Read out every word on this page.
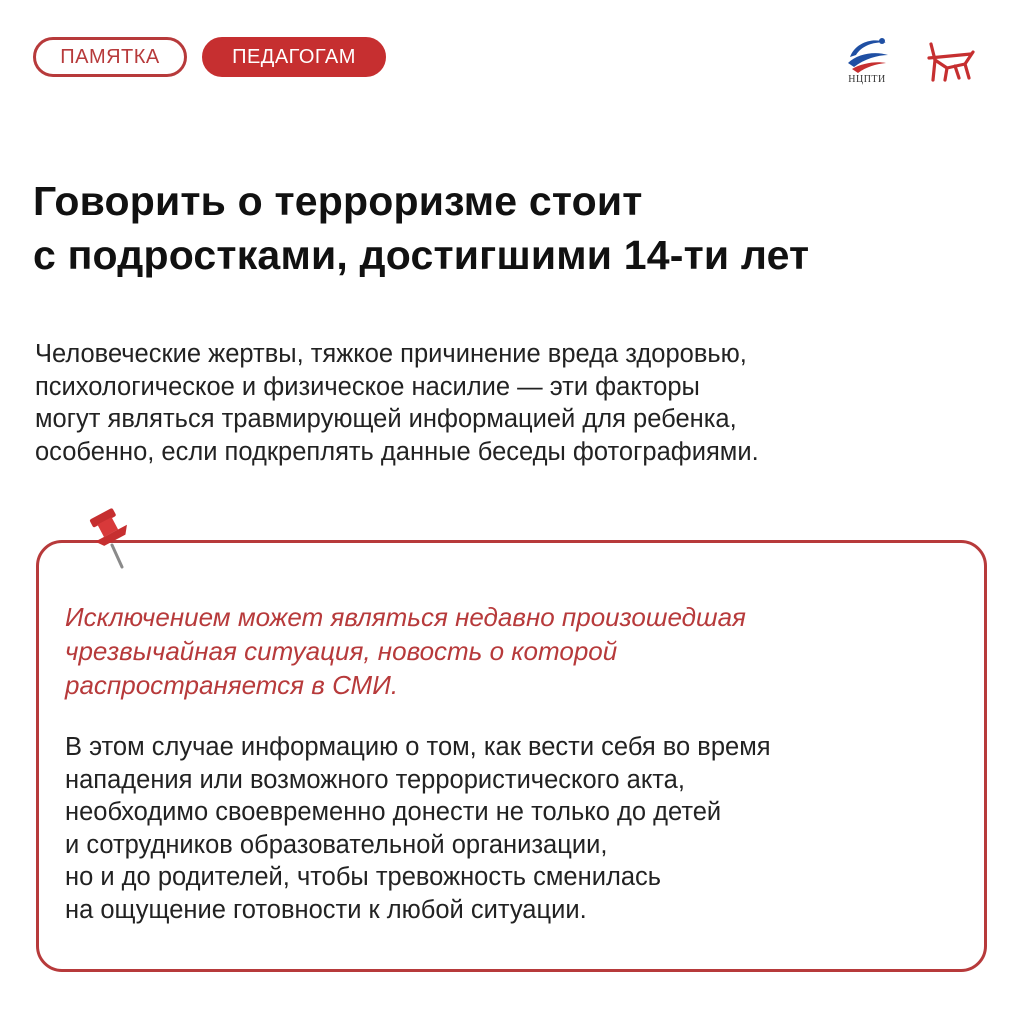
ПАМЯТКА	ПЕДАГОГАМ
НЦПТИ
Говорить о терроризме стоит
с подростками, достигшими 14-ти лет

Человеческие жертвы, тяжкое причинение вреда здоровью,
психологическое и физическое насилие — эти факторы
могут являться травмирующей информацией для ребенка,
особенно, если подкреплять данные беседы фотографиями.

Исключением может являться недавно произошедшая
чрезвычайная ситуация, новость о которой
распространяется в СМИ.

В этом случае информацию о том, как вести себя во время
нападения или возможного террористического акта,
необходимо своевременно донести не только до детей
и сотрудников образовательной организации,
но и до родителей, чтобы тревожность сменилась
на ощущение готовности к любой ситуации.
